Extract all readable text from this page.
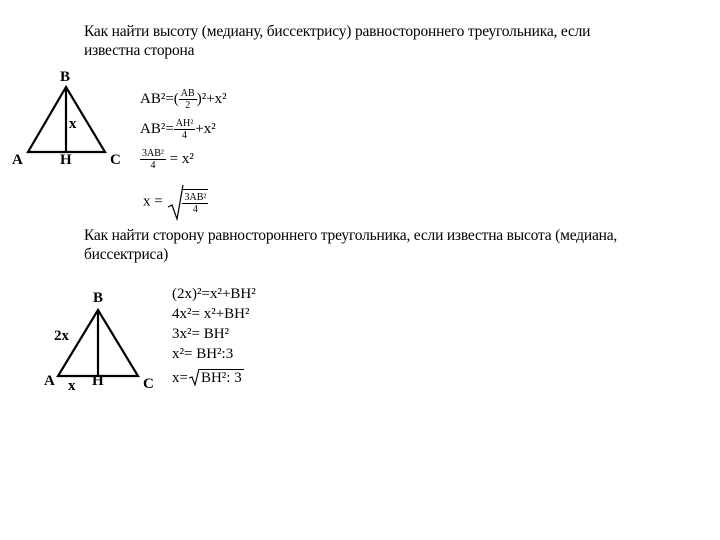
Как найти высоту (медиану, биссектрису) равностороннего треугольника, если
известна сторона
B
A H	C
x
$AB^2=( \frac{AB}{2} )^2+x^2$
$AB^2= \frac{\text{AH²}}{4} +x^2$
$\frac{\text{3AB²}}{4} = x^2$
$x = \frac{\text{3AB²}}{4}$
Как найти сторону равностороннего треугольника, если известна высота (медиана,
биссектриса)
B
2x
A x H	C
(2x)²=x²+BH²
4x²= x²+BH²
3x²= BH²
x²= BH²:3
x= BH²: 3
